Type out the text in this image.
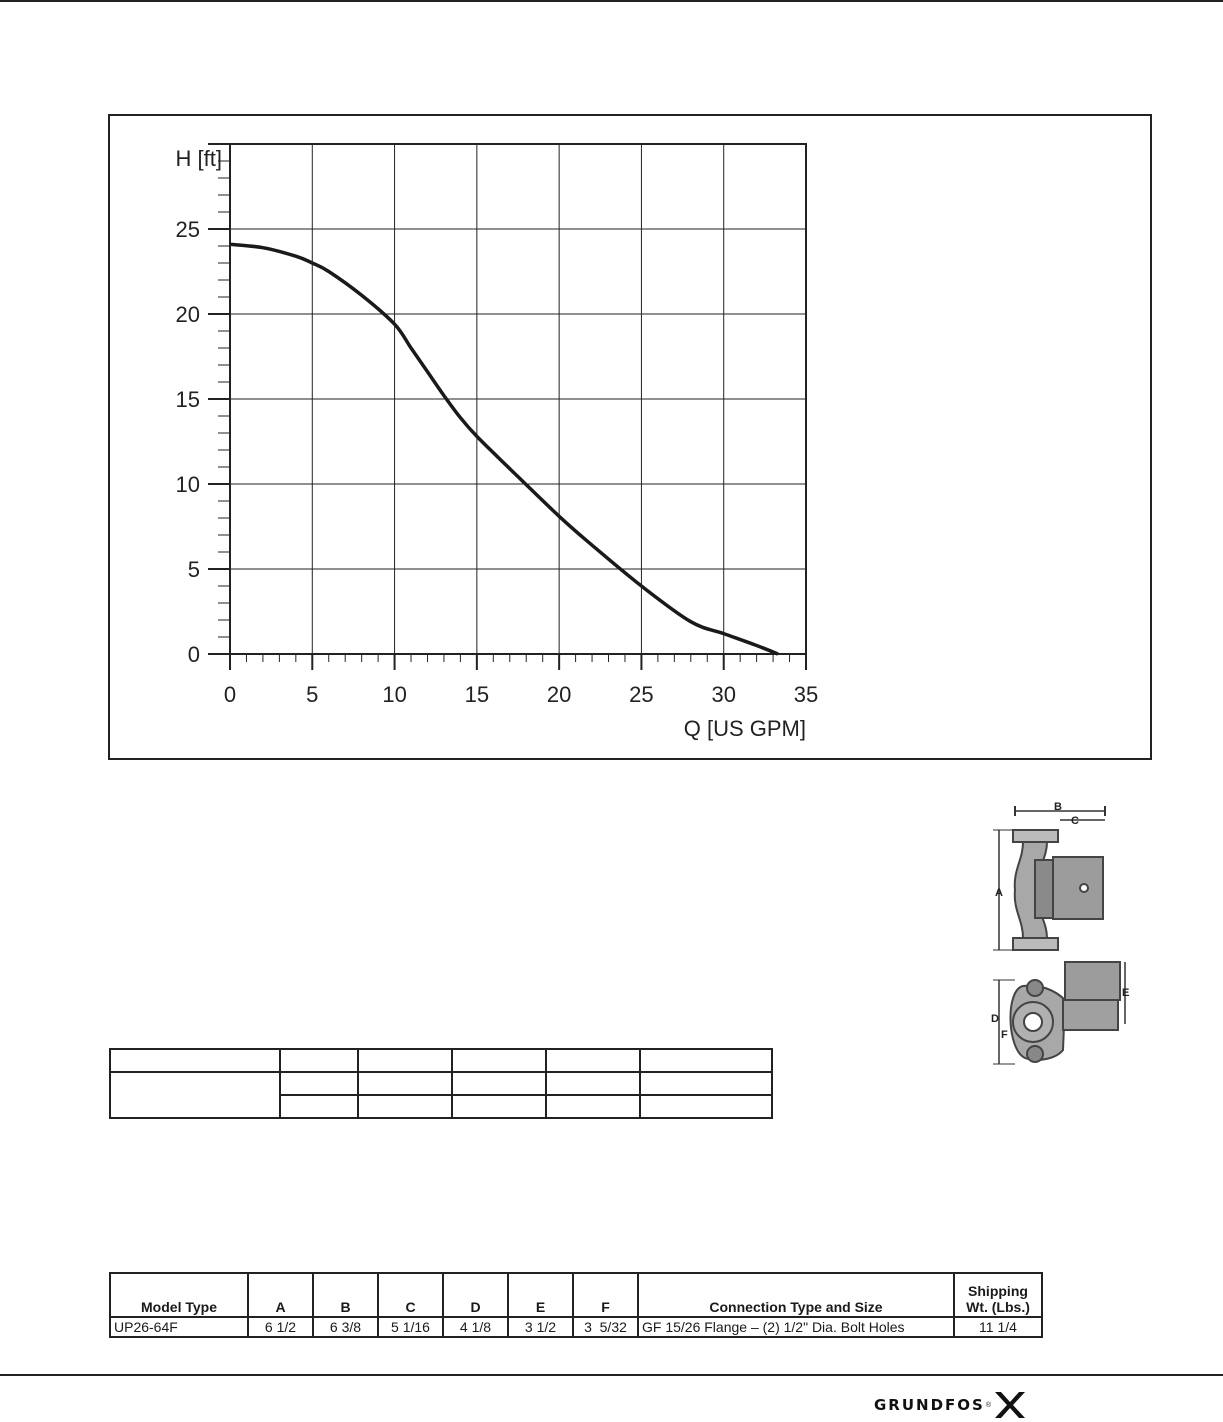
0
5
10
15
20
25
0	5	10	15	20	25	30	35
H [ft]
Q [US GPM]
B
C
A
E
D
F

Model Type	A	B	C	D	E	F	Connection Type and Size	Shipping Wt. (Lbs.)
UP26-64F	6 1/2	6 3/8	5 1/16	4 1/8	3 1/2	3  5/32	GF 15/26 Flange – (2) 1/2" Dia. Bolt Holes	11 1/4
GRUNDFOS ®
